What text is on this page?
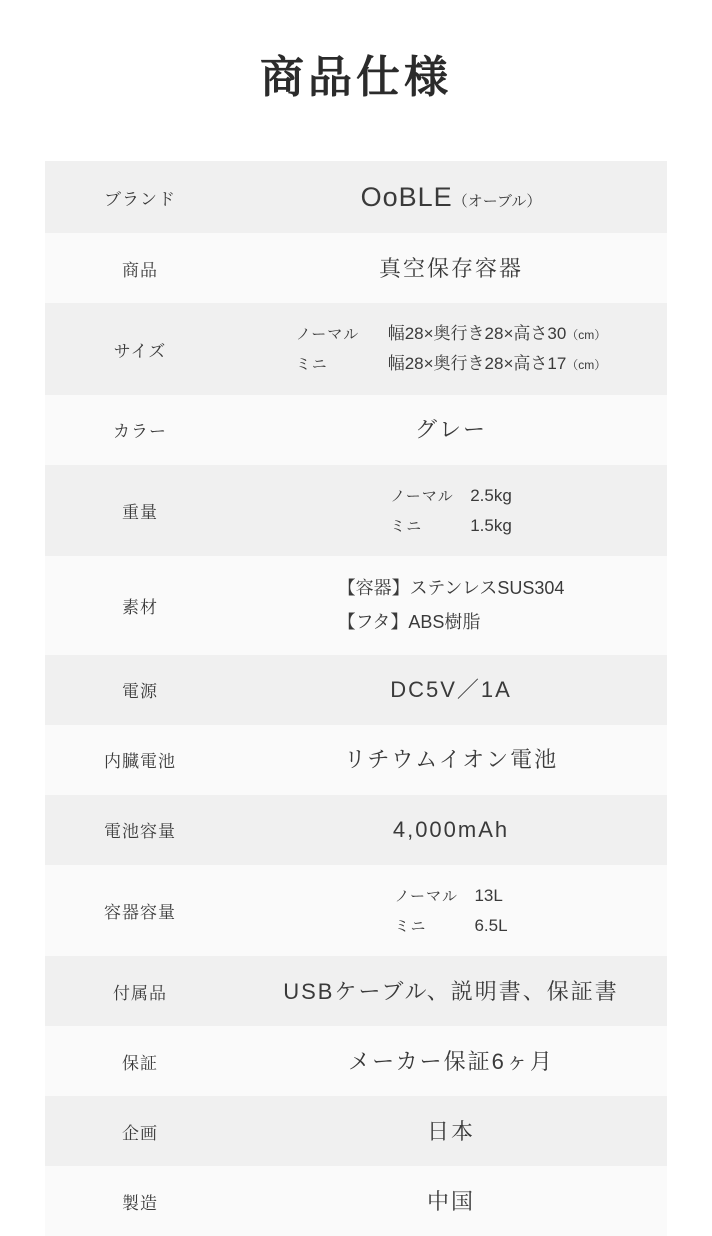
商品仕様
ブランド	OoBLE（オーブル）
商品	真空保存容器
サイズ	
ノーマル	幅28×奥行き28×高さ30 （cm）
ミニ	幅28×奥行き28×高さ17 （cm）

カラー	グレー
重量	ノーマル 2.5kg
ミニ 1.5kg

素材	【容器】ステンレスSUS304
【フタ】ABS樹脂

電源	DC5V／1A
内臓電池	リチウムイオン電池
電池容量	4,000mAh
容器容量	ノーマル 13L
ミニ 6.5L

付属品	USBケーブル、説明書、保証書
保証	メーカー保証6ヶ月
企画	日本
製造	中国
